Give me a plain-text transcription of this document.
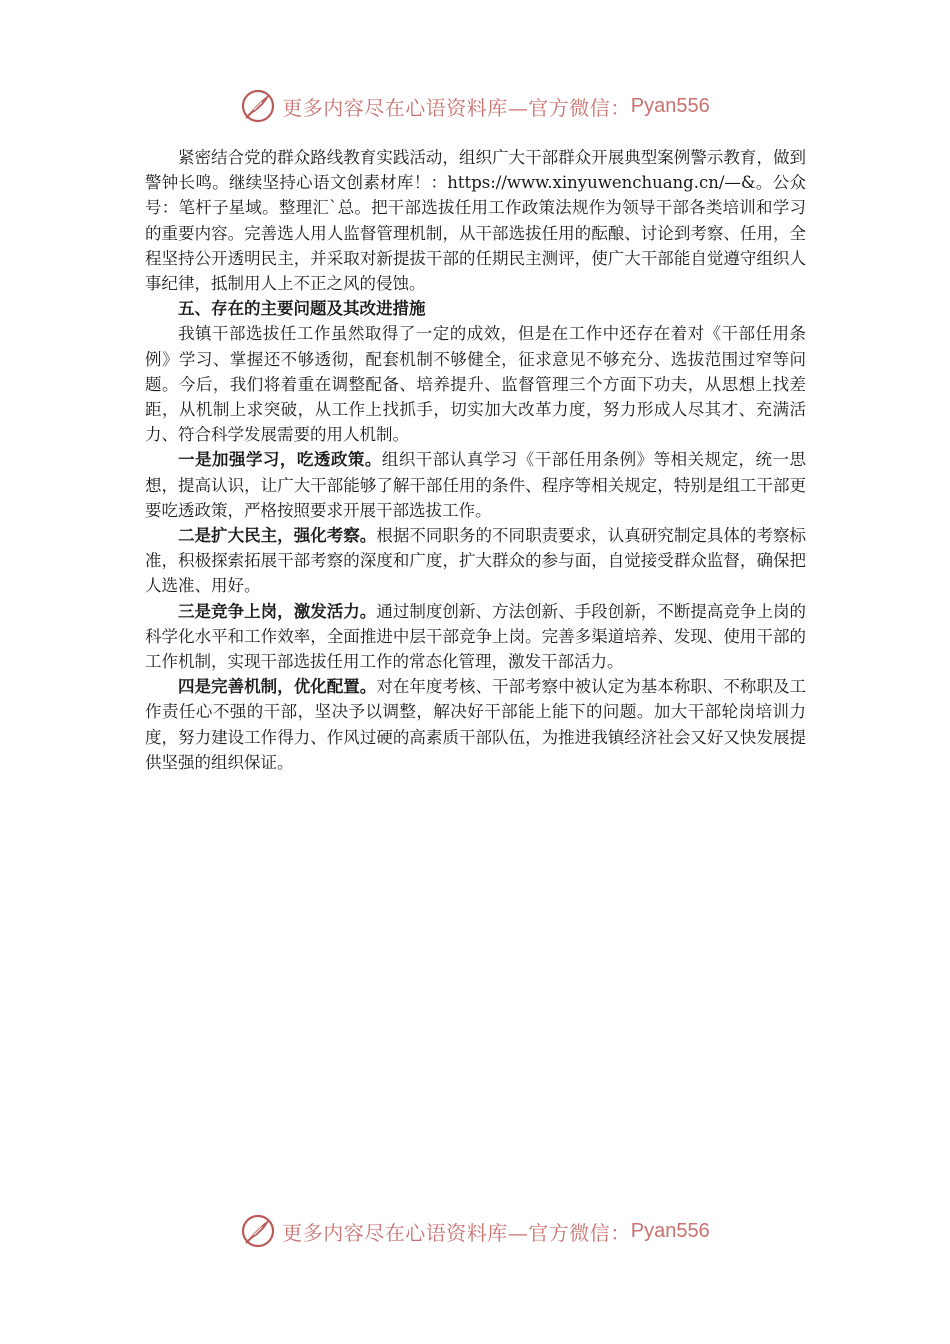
更多内容尽在心语资料库—官方微信： Pyan556

紧密结合党的群众路线教育实践活动，组织广大干部群众开展典型案例警示教育，做到警钟长鸣。继续坚持心语文创素材库！：https://www.xinyuwenchuang.cn/—&。公众号：笔杆子星域。整理汇`总。把干部选拔任用工作政策法规作为领导干部各类培训和学习的重要内容。完善选人用人监督管理机制，从干部选拔任用的酝酿、讨论到考察、任用，全程坚持公开透明民主，并采取对新提拔干部的任期民主测评，使广大干部能自觉遵守组织人事纪律，抵制用人上不正之风的侵蚀。

五、存在的主要问题及其改进措施

我镇干部选拔任工作虽然取得了一定的成效，但是在工作中还存在着对《干部任用条例》学习、掌握还不够透彻，配套机制不够健全，征求意见不够充分、选拔范围过窄等问题。今后，我们将着重在调整配备、培养提升、监督管理三个方面下功夫，从思想上找差距，从机制上求突破，从工作上找抓手，切实加大改革力度，努力形成人尽其才、充满活力、符合科学发展需要的用人机制。

一是加强学习，吃透政策。组织干部认真学习《干部任用条例》等相关规定，统一思想，提高认识，让广大干部能够了解干部任用的条件、程序等相关规定，特别是组工干部更要吃透政策，严格按照要求开展干部选拔工作。

二是扩大民主，强化考察。根据不同职务的不同职责要求，认真研究制定具体的考察标准，积极探索拓展干部考察的深度和广度，扩大群众的参与面，自觉接受群众监督，确保把人选准、用好。

三是竞争上岗，激发活力。通过制度创新、方法创新、手段创新，不断提高竞争上岗的科学化水平和工作效率，全面推进中层干部竞争上岗。完善多渠道培养、发现、使用干部的工作机制，实现干部选拔任用工作的常态化管理，激发干部活力。

四是完善机制，优化配置。对在年度考核、干部考察中被认定为基本称职、不称职及工作责任心不强的干部，坚决予以调整，解决好干部能上能下的问题。加大干部轮岗培训力度，努力建设工作得力、作风过硬的高素质干部队伍，为推进我镇经济社会又好又快发展提供坚强的组织保证。

更多内容尽在心语资料库—官方微信： Pyan556
